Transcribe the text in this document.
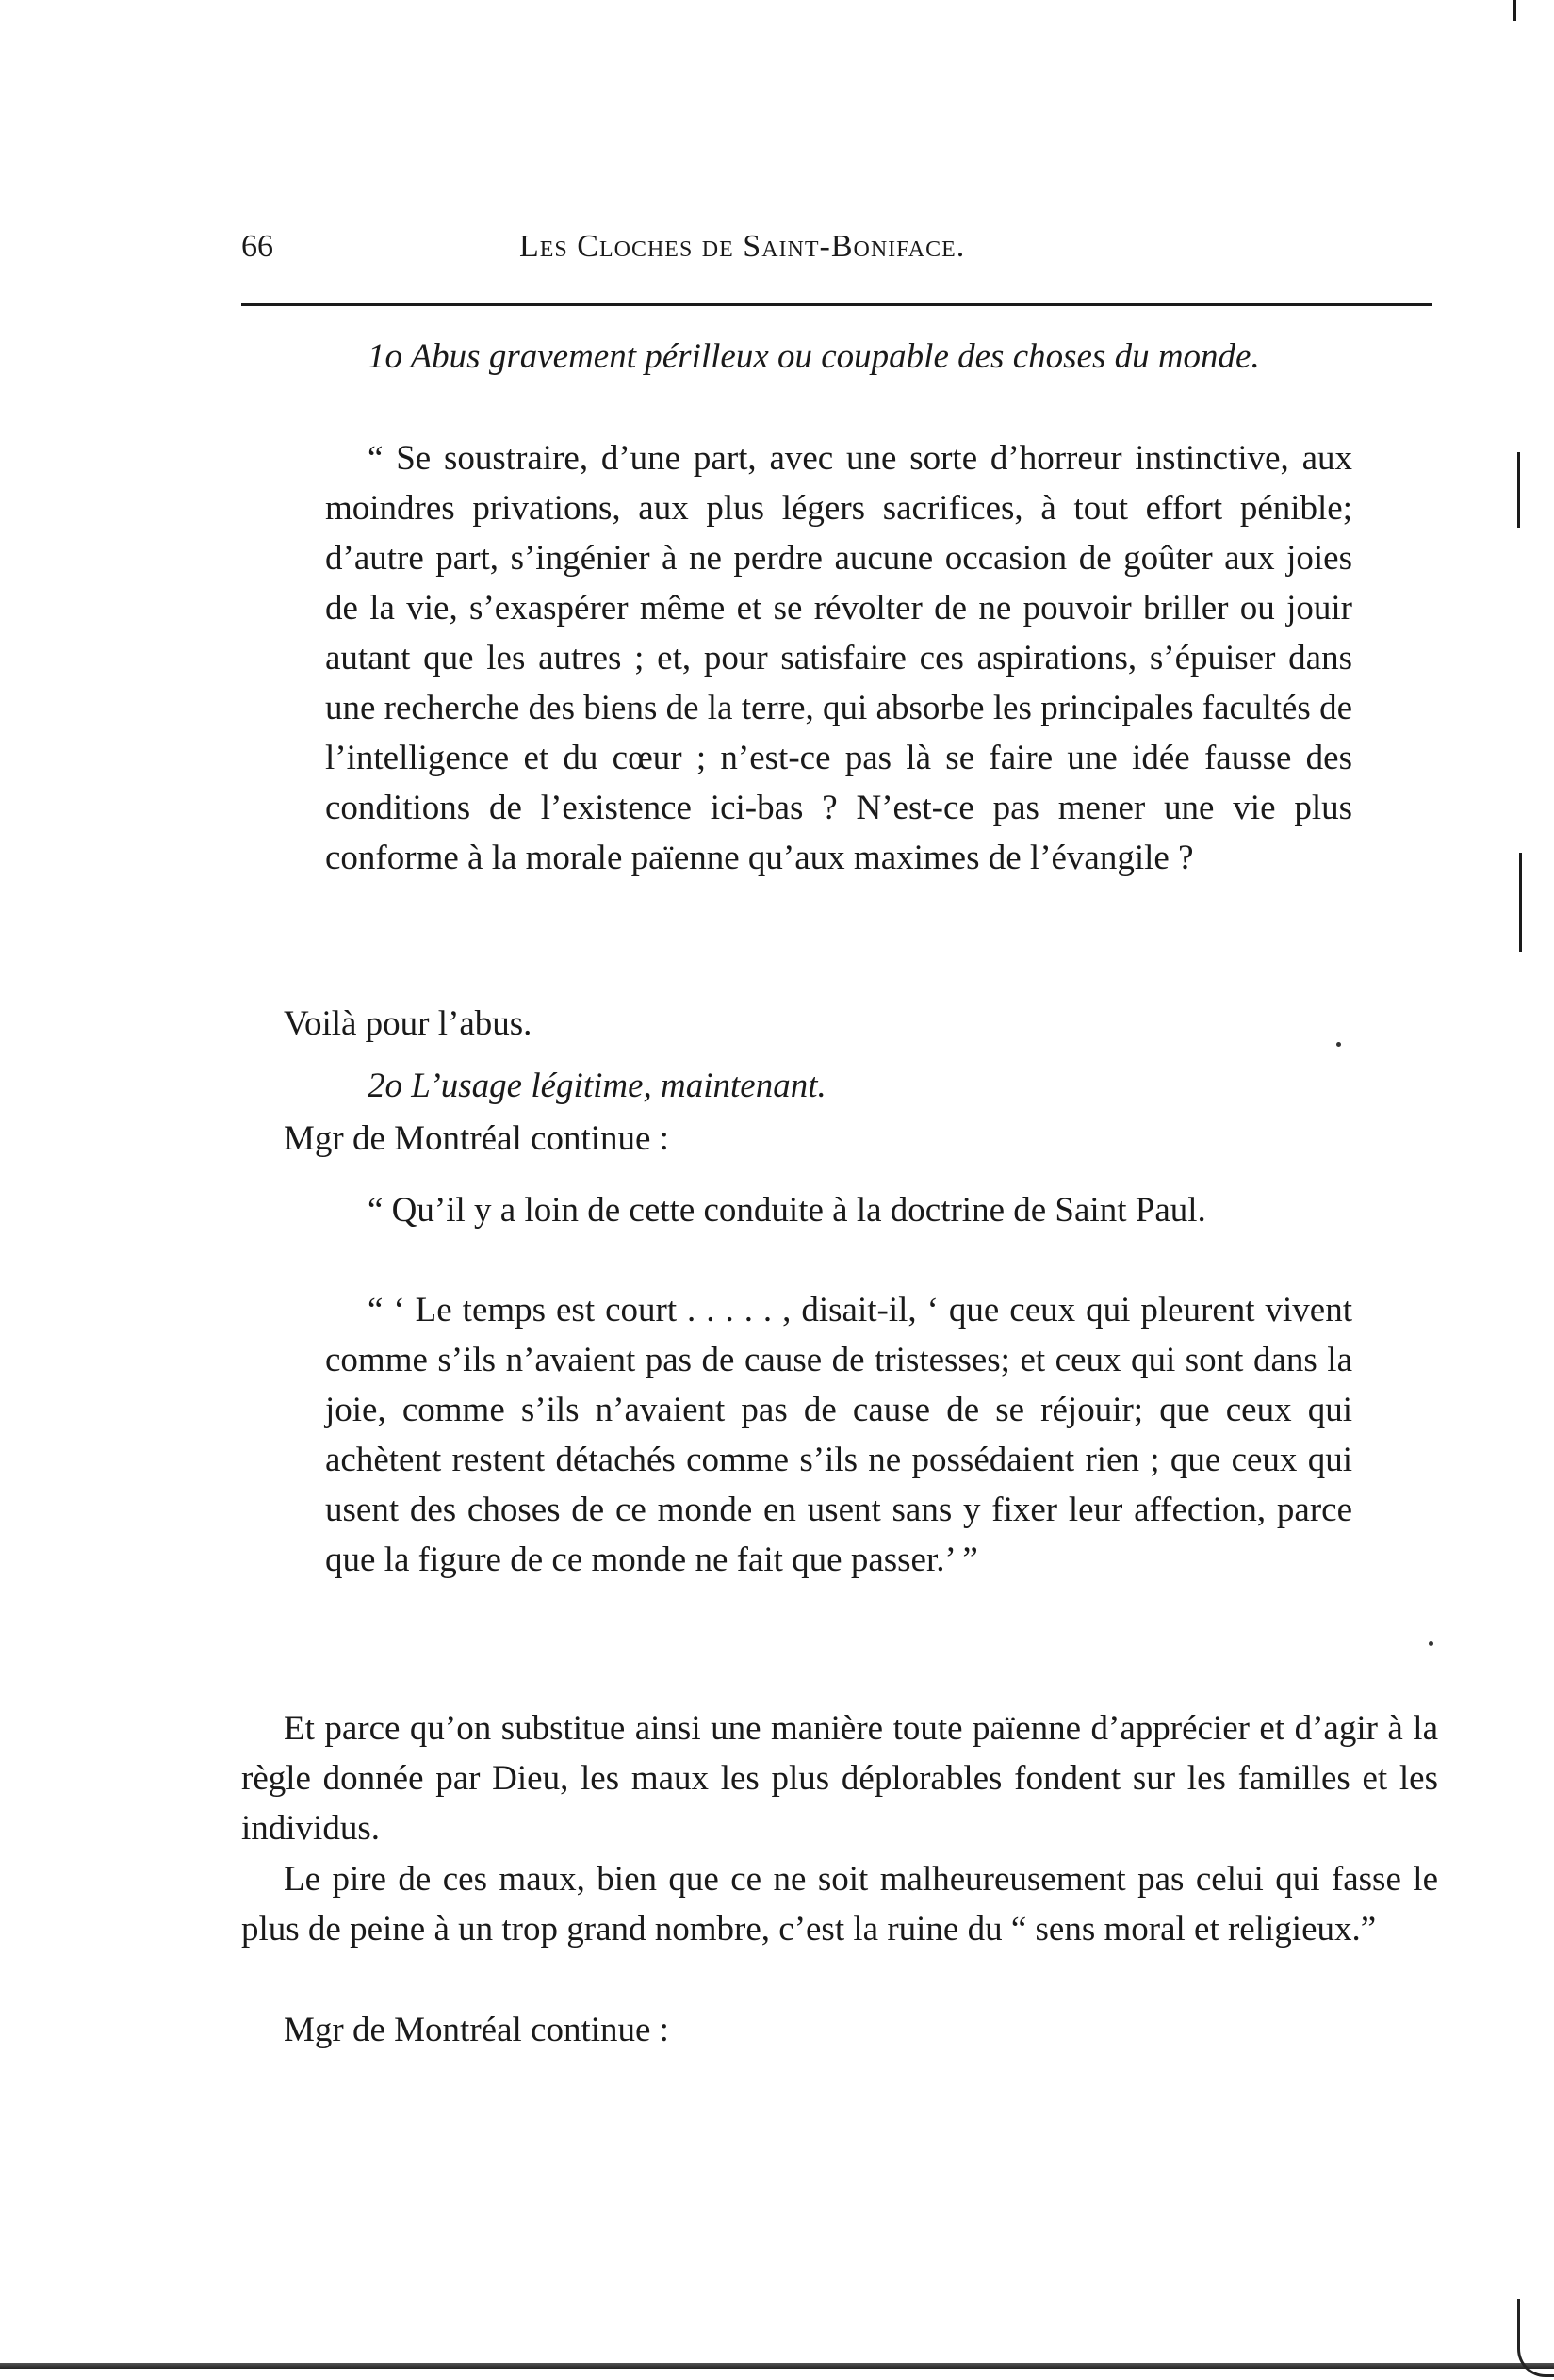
66	Les Cloches de Saint-Boniface.

1o Abus gravement périlleux ou coupable des choses du monde.

“ Se soustraire, d’une part, avec une sorte d’horreur instinctive, aux moindres privations, aux plus légers sacrifices, à tout effort pénible; d’autre part, s’ingénier à ne perdre aucune occasion de goûter aux joies de la vie, s’exaspérer même et se révolter de ne pouvoir briller ou jouir autant que les autres ; et, pour satisfaire ces aspirations, s’épuiser dans une recherche des biens de la terre, qui absorbe les principales facultés de l’intelligence et du cœur ; n’est-ce pas là se faire une idée fausse des conditions de l’existence ici-bas ? N’est-ce pas mener une vie plus conforme à la morale païenne qu’aux maximes de l’évangile ?

Voilà pour l’abus.

2o L’usage légitime, maintenant.

Mgr de Montréal continue :

“ Qu’il y a loin de cette conduite à la doctrine de Saint Paul.

“ ‘ Le temps est court . . . . . , disait-il, ‘ que ceux qui pleurent vivent comme s’ils n’avaient pas de cause de tristesses; et ceux qui sont dans la joie, comme s’ils n’avaient pas de cause de se réjouir; que ceux qui achètent restent détachés comme s’ils ne possédaient rien ; que ceux qui usent des choses de ce monde en usent sans y fixer leur affection, parce que la figure de ce monde ne fait que passer.’ ”

Et parce qu’on substitue ainsi une manière toute païenne d’apprécier et d’agir à la règle donnée par Dieu, les maux les plus déplorables fondent sur les familles et les individus.

Le pire de ces maux, bien que ce ne soit malheureusement pas celui qui fasse le plus de peine à un trop grand nombre, c’est la ruine du “ sens moral et religieux.”

Mgr de Montréal continue :
